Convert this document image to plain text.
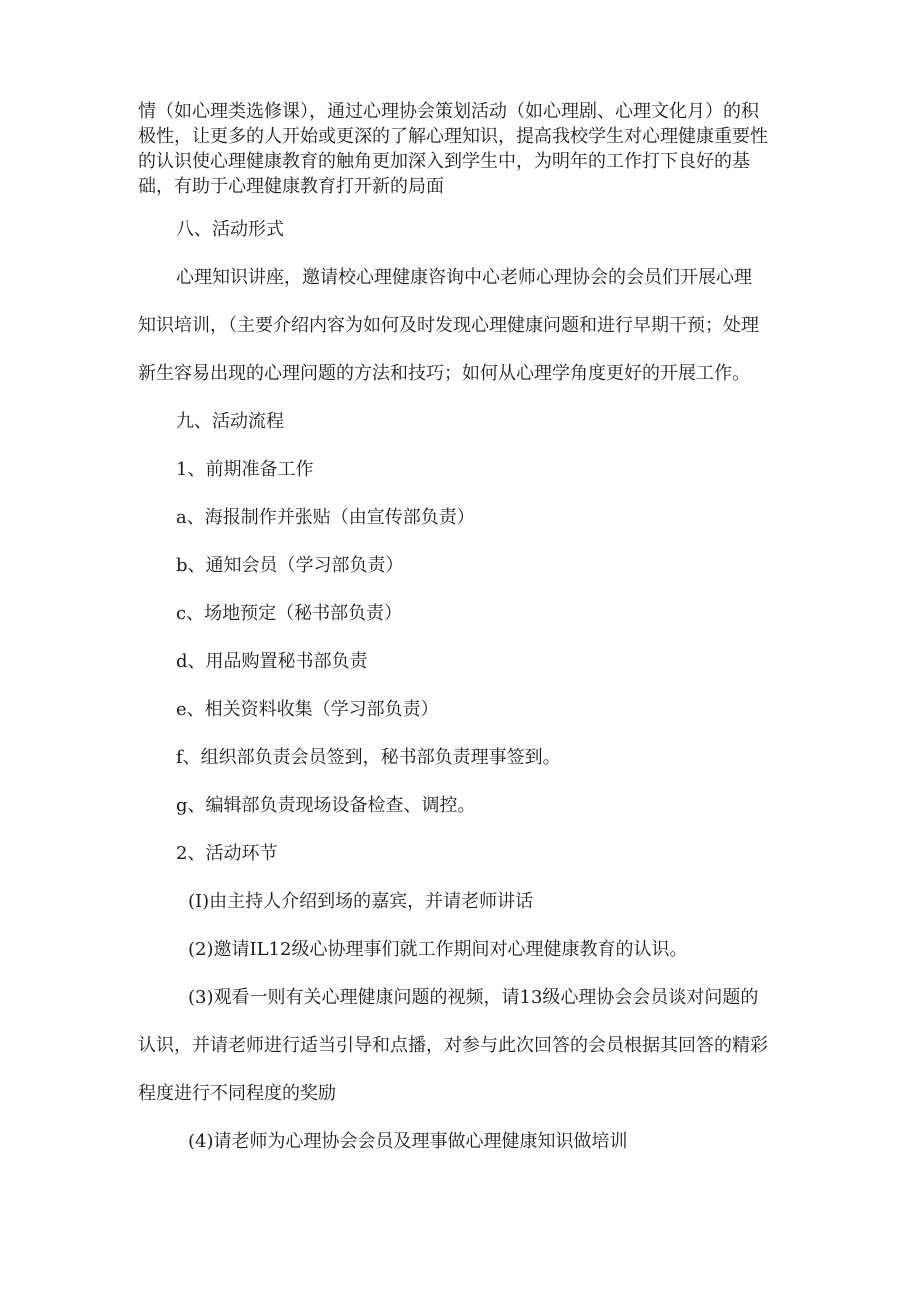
情（如心理类选修课），通过心理协会策划活动（如心理剧、心理文化月）的积
极性，让更多的人开始或更深的了解心理知识，提高我校学生对心理健康重要性
的认识使心理健康教育的触角更加深入到学生中，为明年的工作打下良好的基
础，有助于心理健康教育打开新的局面
八、活动形式
心理知识讲座，邀请校心理健康咨询中心老师心理协会的会员们开展心理
知识培训，（主要介绍内容为如何及时发现心理健康问题和进行早期干预；处理
新生容易出现的心理问题的方法和技巧；如何从心理学角度更好的开展工作。
九、活动流程
1、前期准备工作
a、海报制作并张贴（由宣传部负责）
b、通知会员（学习部负责）
c、场地预定（秘书部负责）
d、用品购置秘书部负责
e、相关资料收集（学习部负责）
f、组织部负责会员签到，秘书部负责理事签到。
g、编辑部负责现场设备检查、调控。
2、活动环节
(I)由主持人介绍到场的嘉宾，并请老师讲话
(2)邀请IL12级心协理事们就工作期间对心理健康教育的认识。
(3)观看一则有关心理健康问题的视频，请13级心理协会会员谈对问题的
认识，并请老师进行适当引导和点播，对参与此次回答的会员根据其回答的精彩
程度进行不同程度的奖励
(4)请老师为心理协会会员及理事做心理健康知识做培训
